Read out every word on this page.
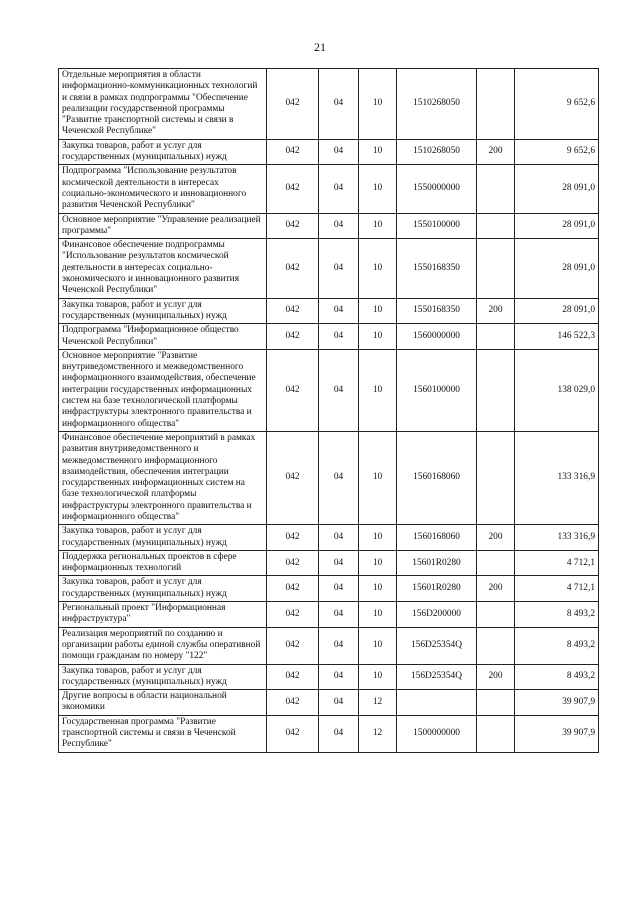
21
Отдельные мероприятия в области информационно-коммуникационных технологий и связи в рамках подпрограммы "Обеспечение реализации государственной программы "Развитие транспортной системы и связи в Чеченской Республике"	042	04	10	1510268050		9 652,6
Закупка товаров, работ и услуг для государственных (муниципальных) нужд	042	04	10	1510268050	200	9 652,6
Подпрограмма "Использование результатов космической деятельности в интересах социально-экономического и инновационного развития Чеченской Республики"	042	04	10	1550000000		28 091,0
Основное мероприятие "Управление реализацией программы"	042	04	10	1550100000		28 091,0
Финансовое обеспечение подпрограммы "Использование результатов космической деятельности в интересах социально-экономического и инновационного развития Чеченской Республики"	042	04	10	1550168350		28 091,0
Закупка товаров, работ и услуг для государственных (муниципальных) нужд	042	04	10	1550168350	200	28 091,0
Подпрограмма "Информационное общество Чеченской Республики"	042	04	10	1560000000		146 522,3
Основное мероприятие "Развитие внутриведомственного и межведомственного информационного взаимодействия, обеспечение интеграции государственных информационных систем на базе технологической платформы инфраструктуры электронного правительства и информационного общества"	042	04	10	1560100000		138 029,0
Финансовое обеспечение мероприятий в рамках развития внутриведомственного и межведомственного информационного взаимодействия, обеспечения интеграции государственных информационных систем на базе технологической платформы инфраструктуры электронного правительства и информационного общества"	042	04	10	1560168060		133 316,9
Закупка товаров, работ и услуг для государственных (муниципальных) нужд	042	04	10	1560168060	200	133 316,9
Поддержка региональных проектов в сфере информационных технологий	042	04	10	15601R0280		4 712,1
Закупка товаров, работ и услуг для государственных (муниципальных) нужд	042	04	10	15601R0280	200	4 712,1
Региональный проект "Информационная инфраструктура"	042	04	10	156D200000		8 493,2
Реализация мероприятий по созданию и организации работы единой службы оперативной помощи гражданам по номеру "122"	042	04	10	156D25354Q		8 493,2
Закупка товаров, работ и услуг для государственных (муниципальных) нужд	042	04	10	156D25354Q	200	8 493,2
Другие вопросы в области национальной экономики	042	04	12			39 907,9
Государственная программа "Развитие транспортной системы и связи в Чеченской Республике"	042	04	12	1500000000		39 907,9
